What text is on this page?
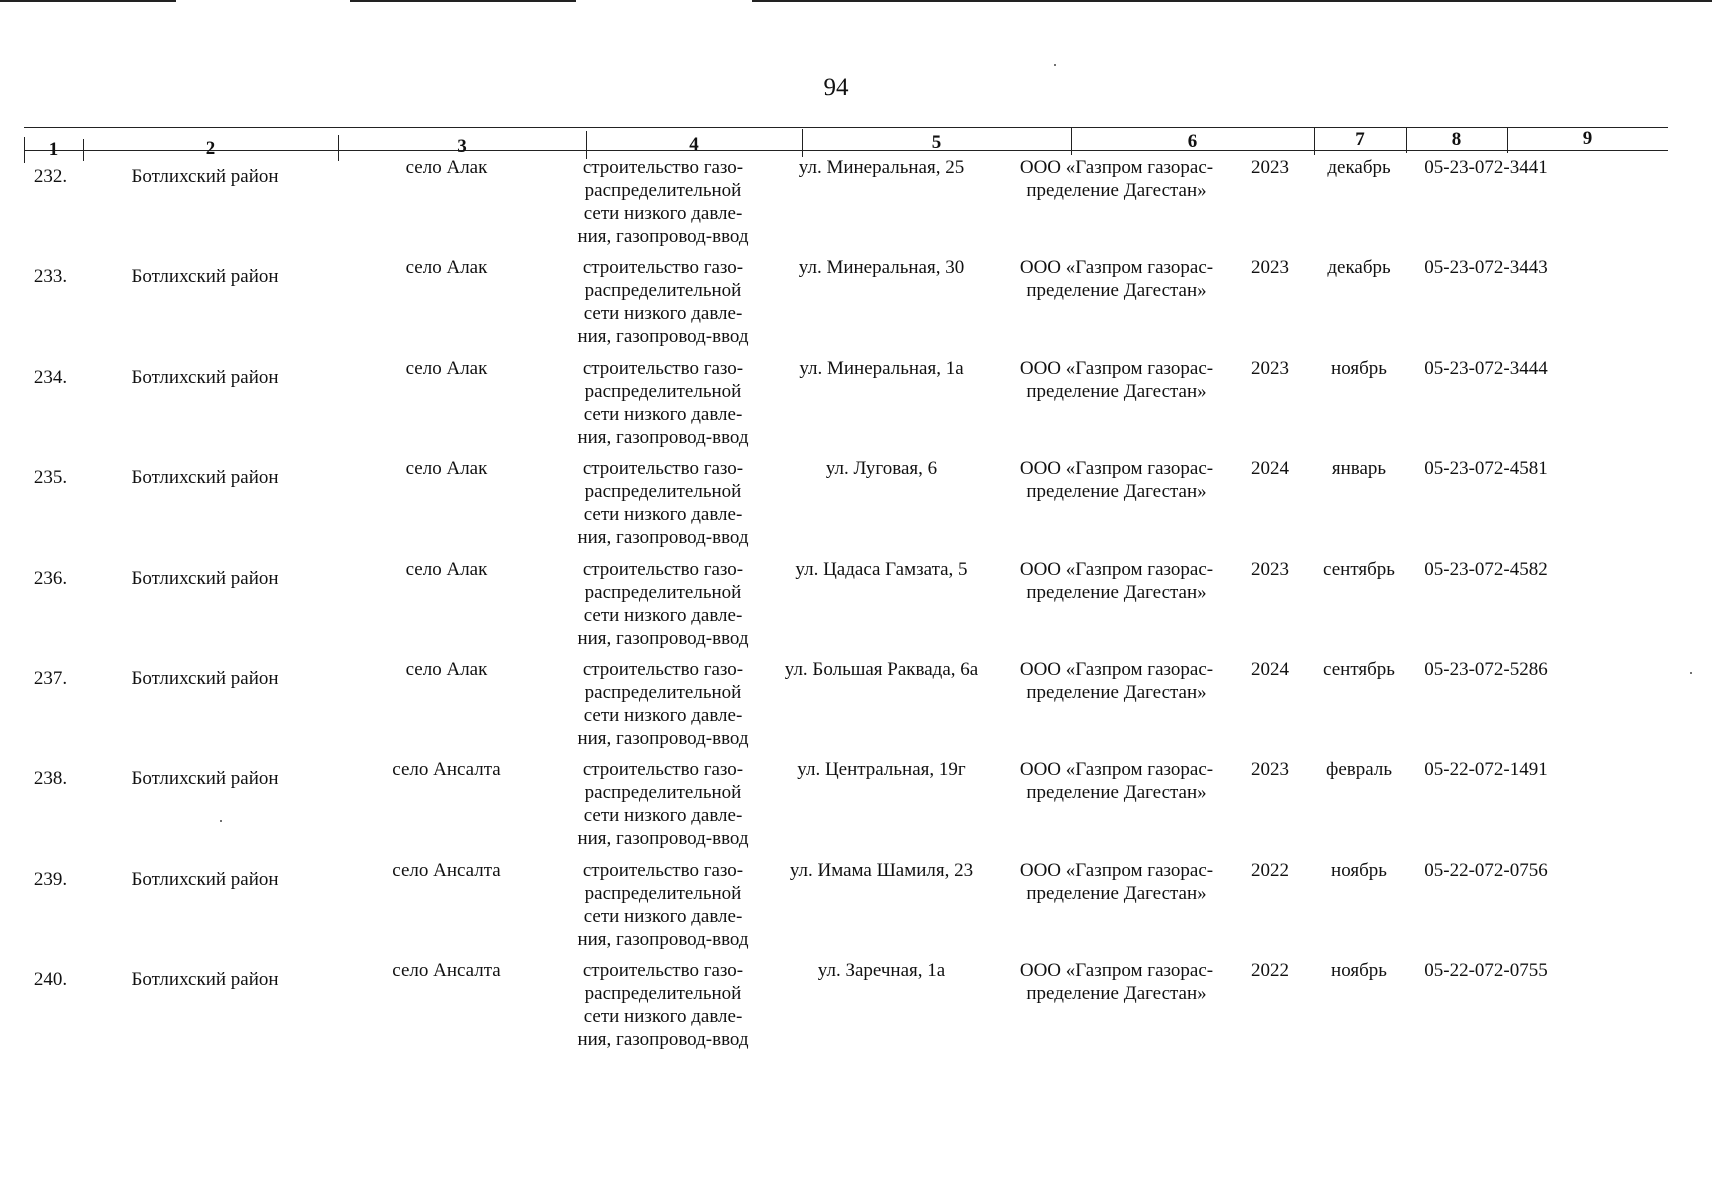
94
1	2	3	4	5	6	7	8	9
232.	Ботлихский район	село Алак	строительство газо-
распределительной
сети низкого давле-
ния, газопровод-ввод
ул. Минеральная, 25	ООО «Газпром газорас-
пределение Дагестан»
2023	декабрь	05-23-072-3441
233.	Ботлихский район	село Алак	строительство газо-
распределительной
сети низкого давле-
ния, газопровод-ввод
ул. Минеральная, 30	ООО «Газпром газорас-
пределение Дагестан»
2023	декабрь	05-23-072-3443
234.	Ботлихский район	село Алак	строительство газо-
распределительной
сети низкого давле-
ния, газопровод-ввод
ул. Минеральная, 1а	ООО «Газпром газорас-
пределение Дагестан»
2023	ноябрь	05-23-072-3444
235.	Ботлихский район	село Алак	строительство газо-
распределительной
сети низкого давле-
ния, газопровод-ввод
ул. Луговая, 6	ООО «Газпром газорас-
пределение Дагестан»
2024	январь	05-23-072-4581
236.	Ботлихский район	село Алак	строительство газо-
распределительной
сети низкого давле-
ния, газопровод-ввод
ул. Цадаса Гамзата, 5	ООО «Газпром газорас-
пределение Дагестан»
2023	сентябрь	05-23-072-4582
237.	Ботлихский район	село Алак	строительство газо-
распределительной
сети низкого давле-
ния, газопровод-ввод
ул. Большая Раквада, 6а	ООО «Газпром газорас-
пределение Дагестан»
2024	сентябрь	05-23-072-5286
238.	Ботлихский район	село Ансалта	строительство газо-
распределительной
сети низкого давле-
ния, газопровод-ввод
ул. Центральная, 19г	ООО «Газпром газорас-
пределение Дагестан»
2023	февраль	05-22-072-1491
239.	Ботлихский район	село Ансалта	строительство газо-
распределительной
сети низкого давле-
ния, газопровод-ввод
ул. Имама Шамиля, 23	ООО «Газпром газорас-
пределение Дагестан»
2022	ноябрь	05-22-072-0756
240.	Ботлихский район	село Ансалта	строительство газо-
распределительной
сети низкого давле-
ния, газопровод-ввод
ул. Заречная, 1а	ООО «Газпром газорас-
пределение Дагестан»
2022	ноябрь	05-22-072-0755
